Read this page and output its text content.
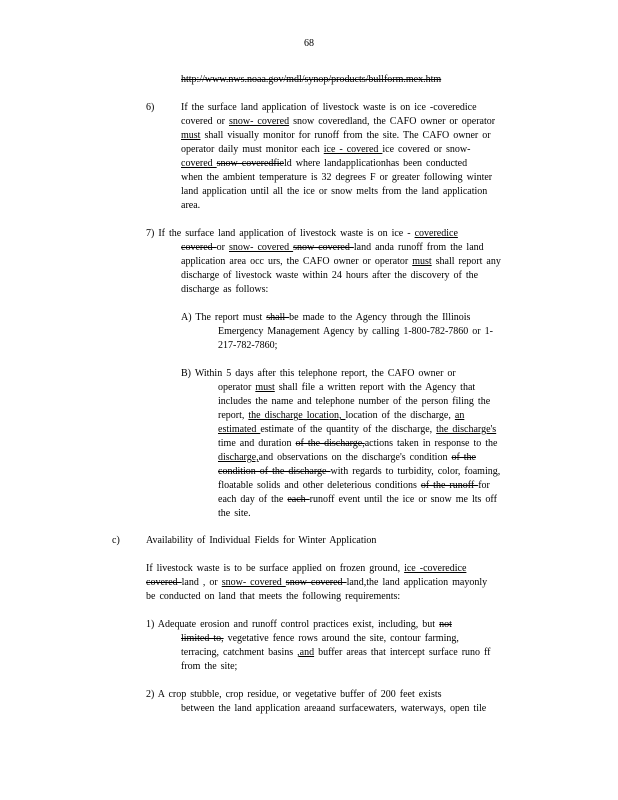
68
http://www.nws.noaa.gov/mdl/synop/products/bullform.mex.htm
6)	If the surface land application of livestock waste is on ice -coveredice
covered or snow- covered snow coveredland, the CAFO owner or operator
must shall visually monitor for runoff from the site. The CAFO owner or
operator daily must monitor each ice - covered ice covered or snow-
covered snow coveredfield where landapplicationhas been conducted
when the ambient temperature is 32 degrees F or greater following winter
land application until all the ice or snow melts from the land application
area.
7) If the surface land application of livestock waste is on ice - coveredice
covered or snow- covered snow covered land anda runoff from the land
application area occ urs, the CAFO owner or operator must shall report any
discharge of livestock waste within 24 hours after the discovery of the
discharge as follows:
A) The report must shall be made to the Agency through the Illinois
Emergency Management Agency by calling 1-800-782-7860 or 1-
217-782-7860;
B) Within 5 days after this telephone report, the CAFO owner or
operator must shall file a written report with the Agency that
includes the name and telephone number of the person filing the
report, the discharge location, location of the discharge, an
estimated estimate of the quantity of the discharge, the discharge's
time and duration of the discharge,actions taken in response to the
discharge,and observations on the discharge's condition of the
condition of the discharge with regards to turbidity, color, foaming,
floatable solids and other deleterious conditions of the runoff for
each day of the each runoff event until the ice or snow me lts off
the site.
c)	Availability of Individual Fields for Winter Application
If livestock waste is to be surface applied on frozen ground, ice -coveredice
covered land , or snow- covered snow covered land,the land application mayonly
be conducted on land that meets the following requirements:
1) Adequate erosion and runoff control practices exist, including, but not
limited to, vegetative fence rows around the site, contour farming,
terracing, catchment basins ,and buffer areas that intercept surface runo ff
from the site;
2) A crop stubble, crop residue, or vegetative buffer of 200 feet exists
between the land application areaand surfacewaters, waterways, open tile
